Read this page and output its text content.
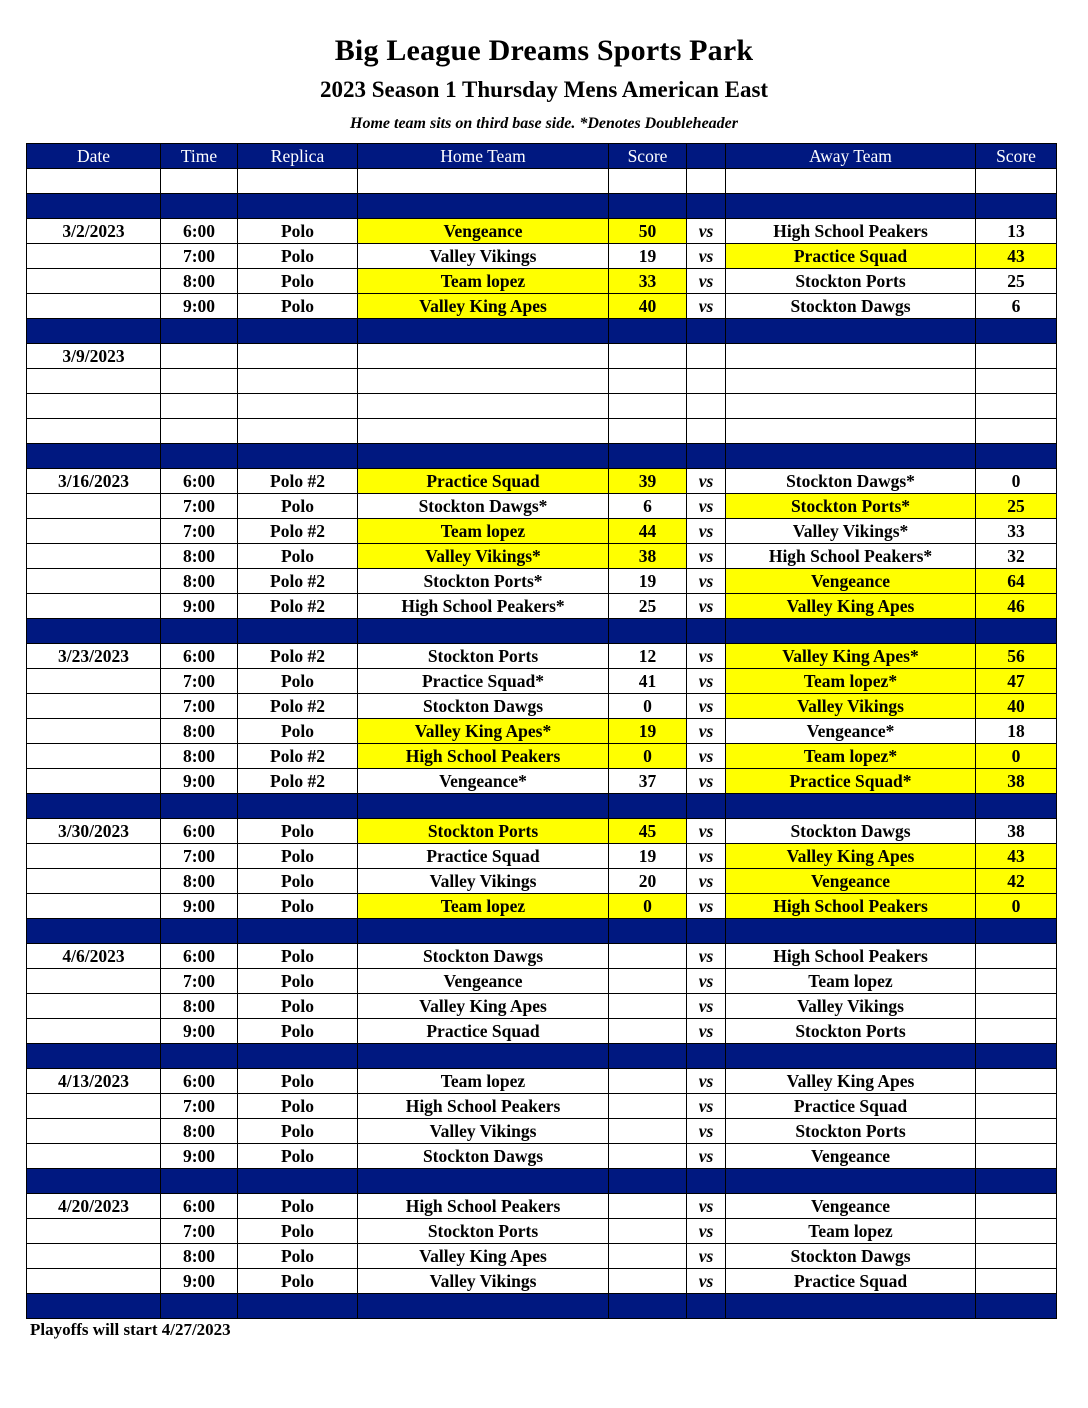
Big League Dreams Sports Park
2023 Season 1 Thursday Mens American East
Home team sits on third base side. *Denotes Doubleheader
Date	Time	Replica	Home Team	Score		Away Team	Score

3/2/2023	6:00	Polo	Vengeance	50	vs	High School Peakers	13
	7:00	Polo	Valley Vikings	19	vs	Practice Squad	43
	8:00	Polo	Team lopez	33	vs	Stockton Ports	25
	9:00	Polo	Valley King Apes	40	vs	Stockton Dawgs	6

3/9/2023							

3/16/2023	6:00	Polo #2	Practice Squad	39	vs	Stockton Dawgs*	0
	7:00	Polo	Stockton Dawgs*	6	vs	Stockton Ports*	25
	7:00	Polo #2	Team lopez	44	vs	Valley Vikings*	33
	8:00	Polo	Valley Vikings*	38	vs	High School Peakers*	32
	8:00	Polo #2	Stockton Ports*	19	vs	Vengeance	64
	9:00	Polo #2	High School Peakers*	25	vs	Valley King Apes	46

3/23/2023	6:00	Polo #2	Stockton Ports	12	vs	Valley King Apes*	56
	7:00	Polo	Practice Squad*	41	vs	Team lopez*	47
	7:00	Polo #2	Stockton Dawgs	0	vs	Valley Vikings	40
	8:00	Polo	Valley King Apes*	19	vs	Vengeance*	18
	8:00	Polo #2	High School Peakers	0	vs	Team lopez*	0
	9:00	Polo #2	Vengeance*	37	vs	Practice Squad*	38

3/30/2023	6:00	Polo	Stockton Ports	45	vs	Stockton Dawgs	38
	7:00	Polo	Practice Squad	19	vs	Valley King Apes	43
	8:00	Polo	Valley Vikings	20	vs	Vengeance	42
	9:00	Polo	Team lopez	0	vs	High School Peakers	0

4/6/2023	6:00	Polo	Stockton Dawgs		vs	High School Peakers	
	7:00	Polo	Vengeance		vs	Team lopez	
	8:00	Polo	Valley King Apes		vs	Valley Vikings	
	9:00	Polo	Practice Squad		vs	Stockton Ports	

4/13/2023	6:00	Polo	Team lopez		vs	Valley King Apes	
	7:00	Polo	High School Peakers		vs	Practice Squad	
	8:00	Polo	Valley Vikings		vs	Stockton Ports	
	9:00	Polo	Stockton Dawgs		vs	Vengeance	

4/20/2023	6:00	Polo	High School Peakers		vs	Vengeance	
	7:00	Polo	Stockton Ports		vs	Team lopez	
	8:00	Polo	Valley King Apes		vs	Stockton Dawgs	
	9:00	Polo	Valley Vikings		vs	Practice Squad	

Playoffs will start 4/27/2023
